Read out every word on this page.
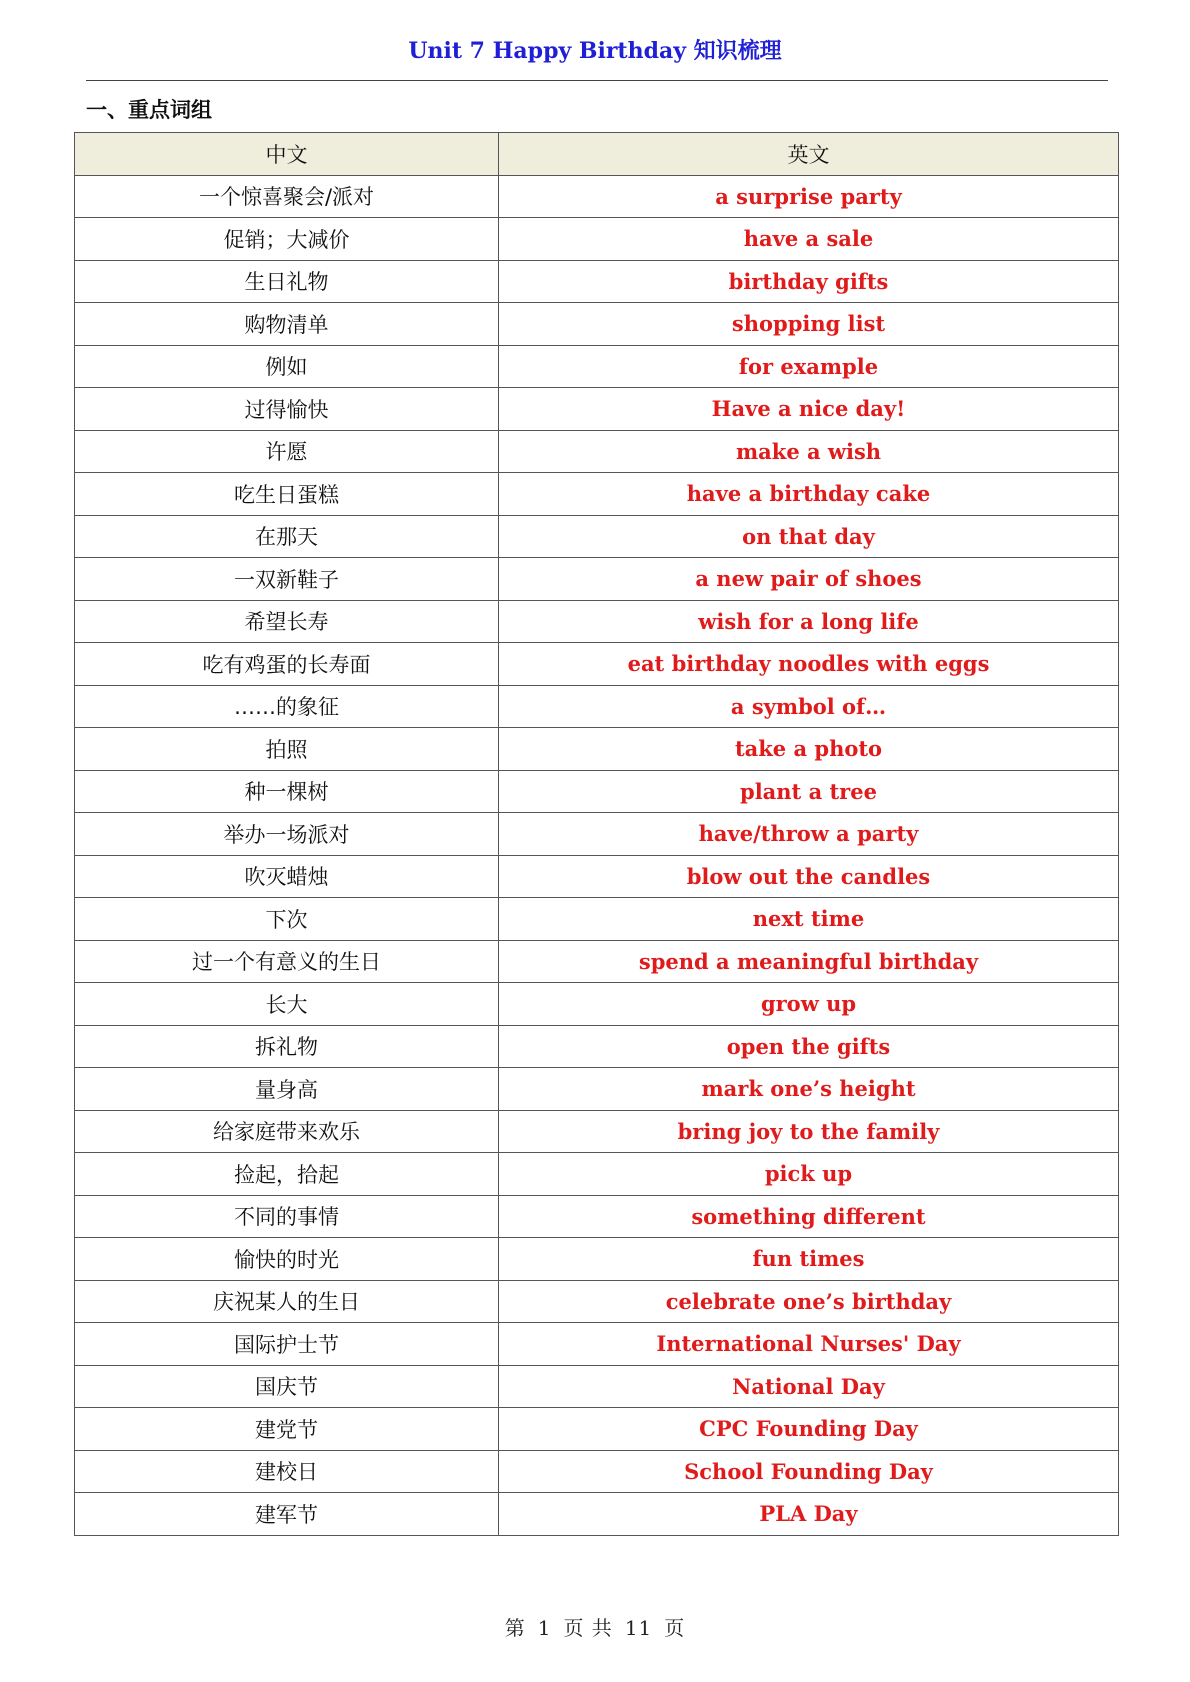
Unit 7 Happy Birthday 知识梳理
一、重点词组
中文	英文
一个惊喜聚会/派对	a surprise party
促销；大减价	have a sale
生日礼物	birthday gifts
购物清单	shopping list
例如	for example
过得愉快	Have a nice day!
许愿	make a wish
吃生日蛋糕	have a birthday cake
在那天	on that day
一双新鞋子	a new pair of shoes
希望长寿	wish for a long life
吃有鸡蛋的长寿面	eat birthday noodles with eggs
……的象征	a symbol of…
拍照	take a photo
种一棵树	plant a tree
举办一场派对	have/throw a party
吹灭蜡烛	blow out the candles
下次	next time
过一个有意义的生日	spend a meaningful birthday
长大	grow up
拆礼物	open the gifts
量身高	mark one’s height
给家庭带来欢乐	bring joy to the family
捡起，拾起	pick up
不同的事情	something different
愉快的时光	fun times
庆祝某人的生日	celebrate one’s birthday
国际护士节	International Nurses' Day
国庆节	National Day
建党节	CPC Founding Day
建校日	School Founding Day
建军节	PLA Day
第 1 页 共 11 页
